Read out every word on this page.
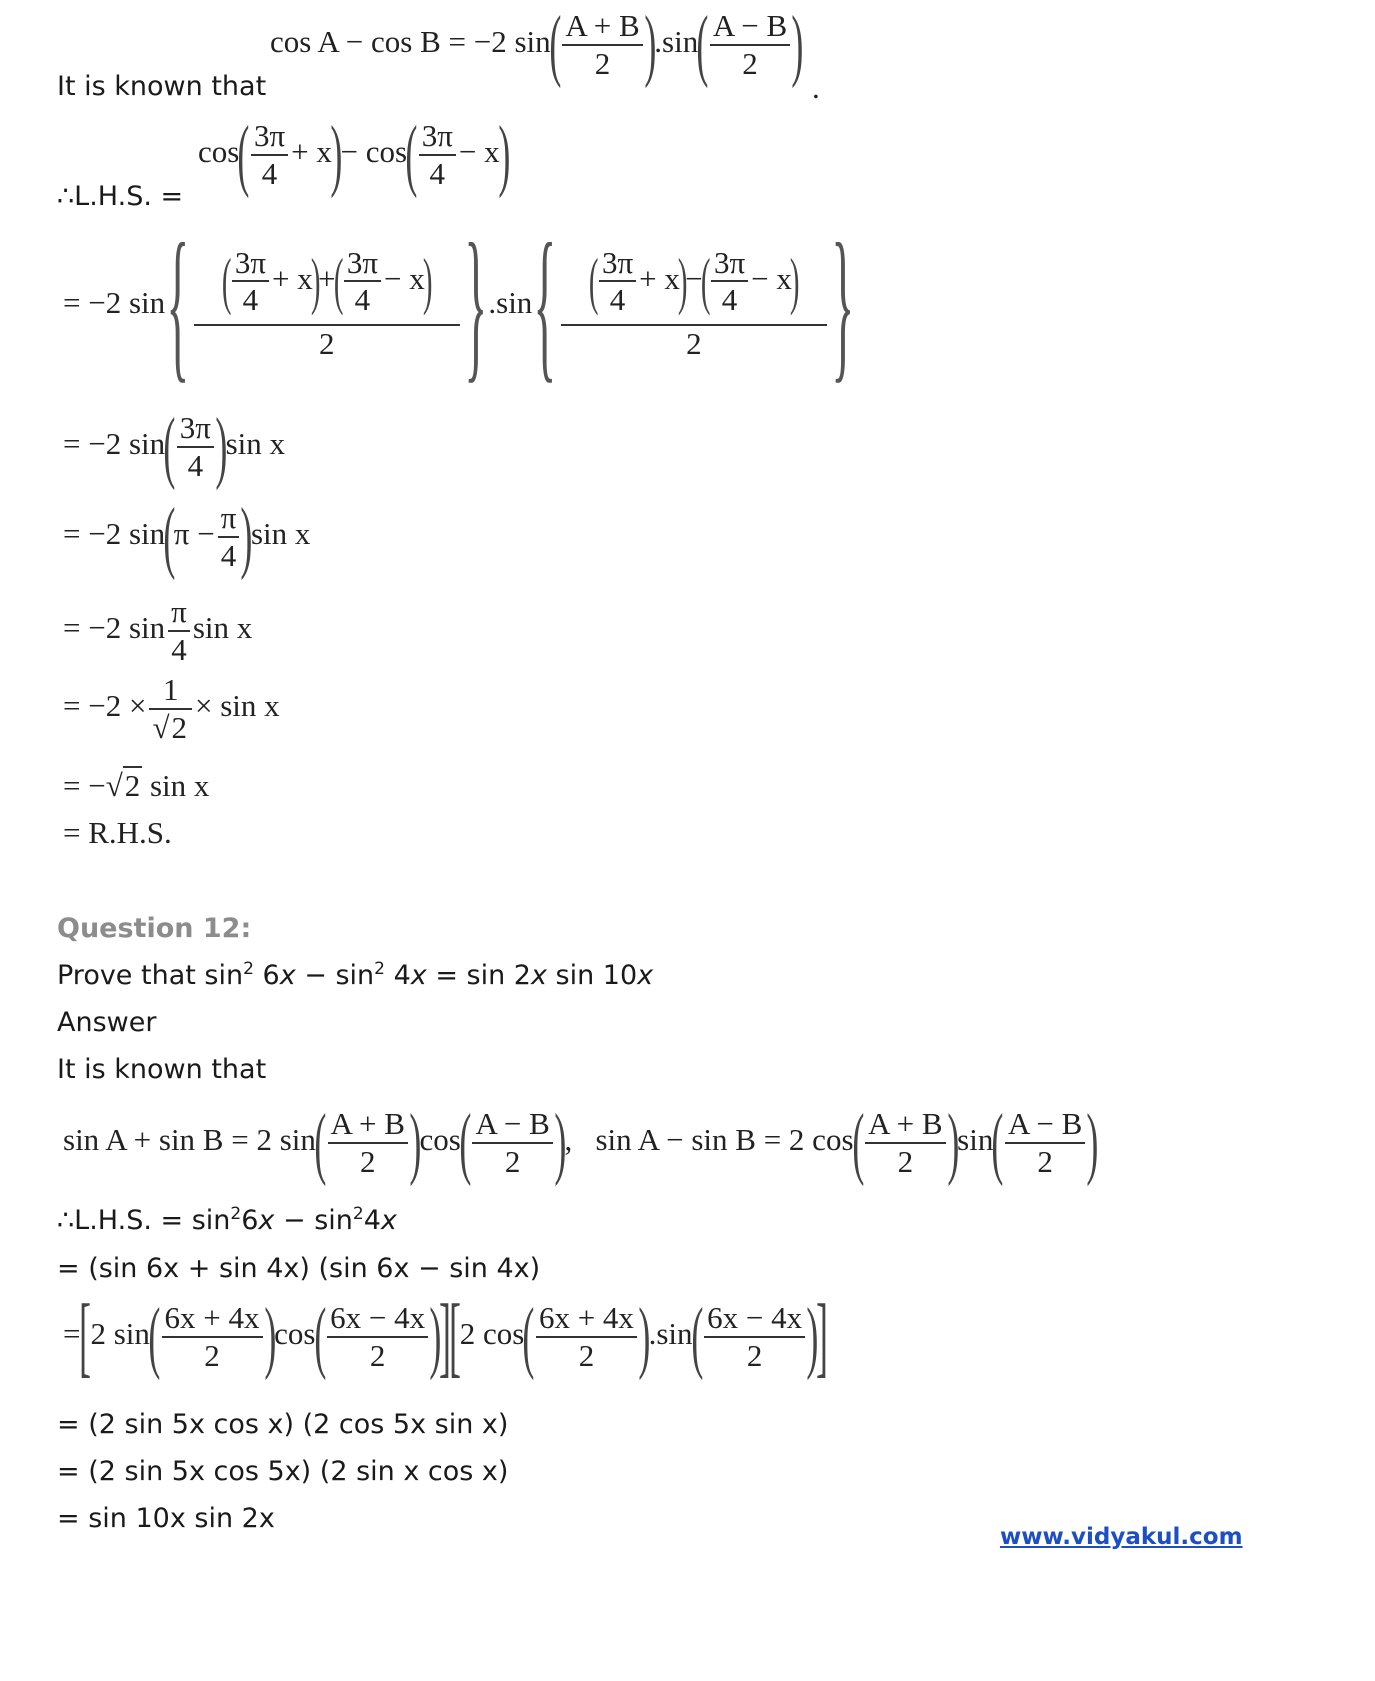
cos A − cos B = −2 $\sin( \frac{A + B}{2} ).\sin( \frac{A - B}{2}$ )
It is known that	.
$\cos( \frac{3\pi}{4} + x)- \cos( \frac{3\pi}{4} - x)$
∴L.H.S. =
= −2 $\sin\{ \frac{( \frac{3\pi}{4} + x)+( \frac{3\pi}{4} - x)}{2} \}.\sin\{ \frac{( \frac{3\pi}{4} + x)-( \frac{3\pi}{4} - x)}{2}$ }
= −2 $\sin( \frac{3\pi}{4} )\sin$ x
= −2 $\sin(\pi - \frac{\pi}{4} )\sin$ x
= −2 $\sin \frac{\pi}{4}$ sin x
= $-2 \times \frac{1}{√2} \times \sin x$
= −√2 sin x
= R.H.S.
Question 12:
Prove that $\sin^2 6x - \sin^2 4x = \sin 2x$ sin 10x
Answer
It is known that
sin A + sin B = 2 $\sin( \frac{A + B}{2} )\cos( \frac{A - B}{2}$ ), sin A − sin B = 2 $\cos( \frac{A + B}{2} )\sin( \frac{A - B}{2}$ )
∴L.H.S. = $\sin^26x - \sin^24x$
= (sin 6x + sin 4x) (sin 6x − sin 4x)
=[2 $\sin( \frac{6x + 4x}{2} )\cos( \frac{6x - 4x}{2} )][2$ $\cos( \frac{6x + 4x}{2} ).\sin( \frac{6x - 4x}{2}$ )]
= (2 sin 5x cos x) (2 cos 5x sin x)
= (2 sin 5x cos 5x) (2 sin x cos x)
= sin 10x sin 2x
www.vidyakul.com
